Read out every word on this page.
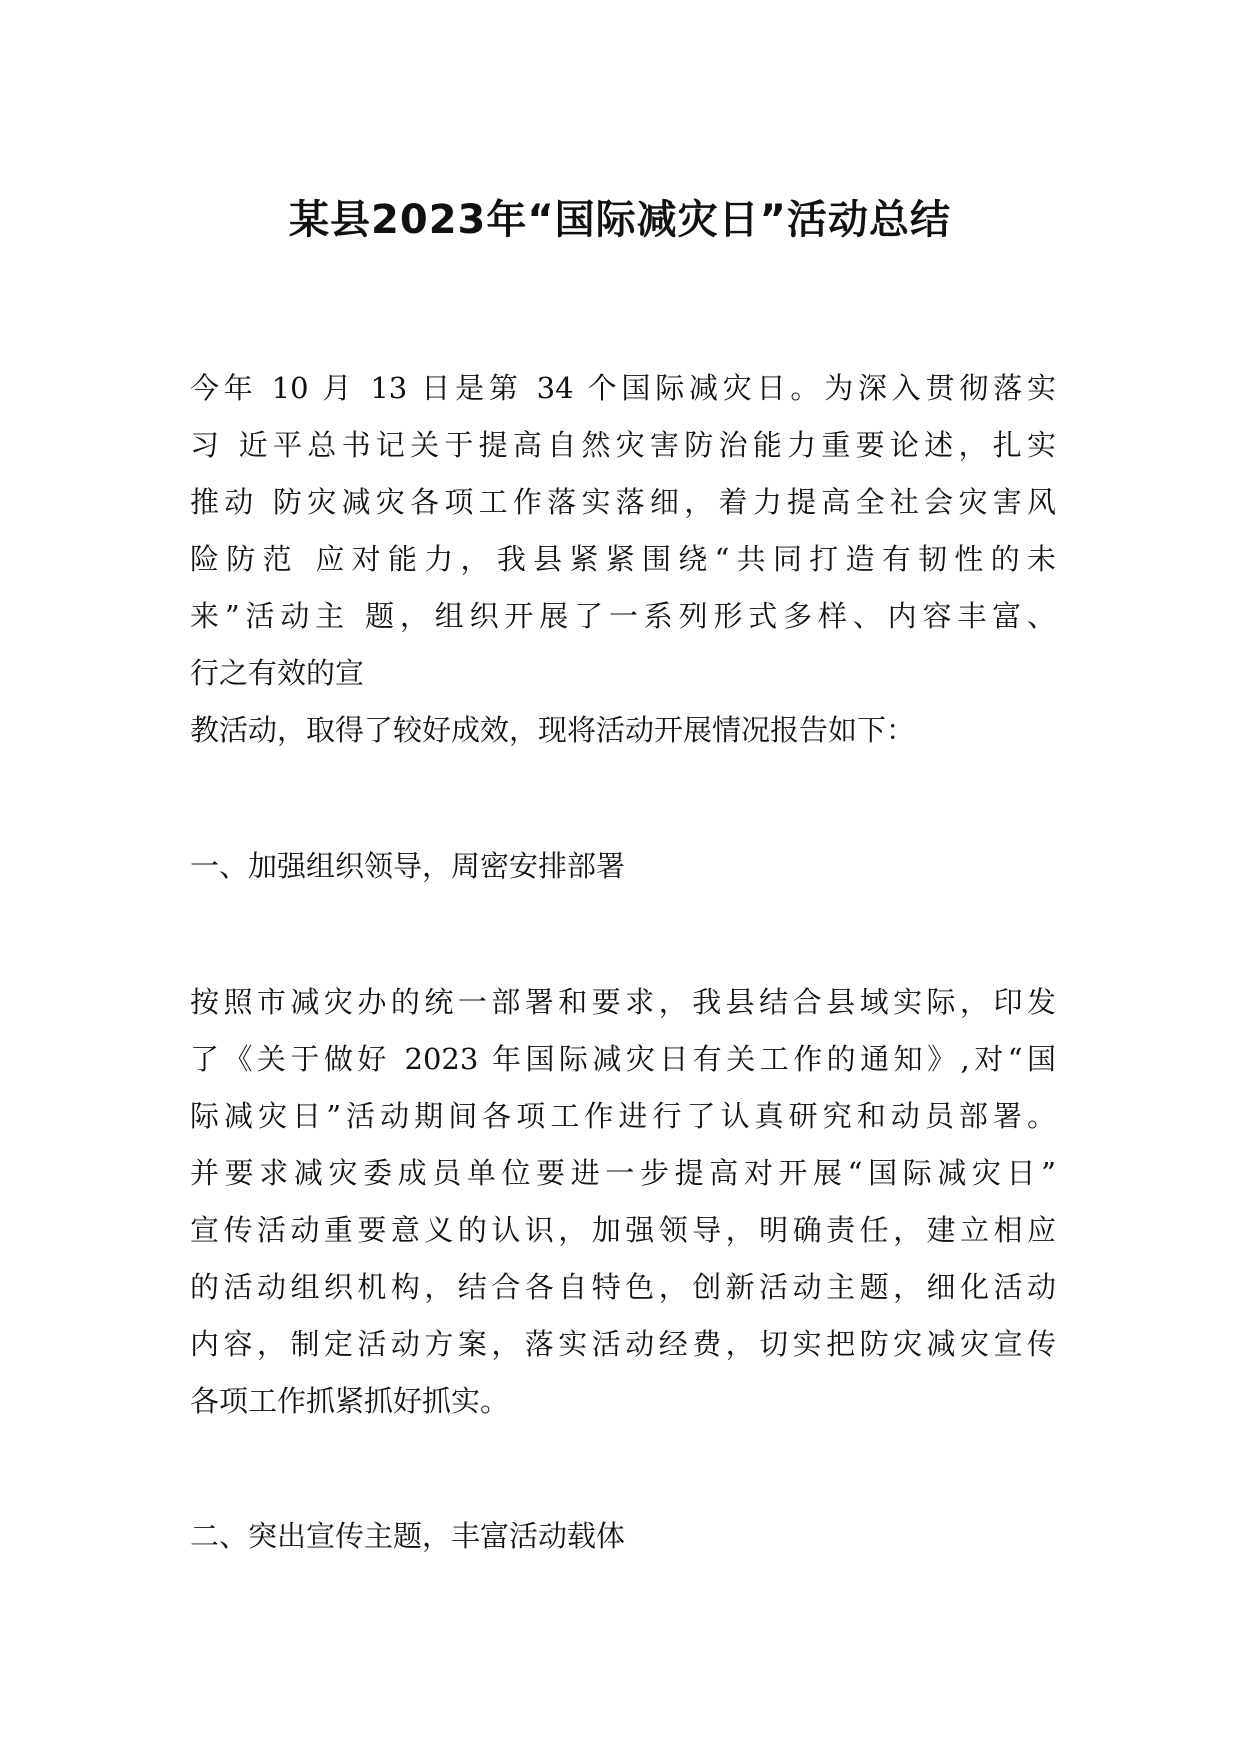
某县2023年“国际减灾日”活动总结
今年 10 月 13 日是第 34 个国际减灾日。为深入贯彻落实
习 近平总书记关于提高自然灾害防治能力重要论述，扎实
推动 防灾减灾各项工作落实落细，着力提高全社会灾害风
险防范 应对能力，我县紧紧围绕“共同打造有韧性的未
来”活动主 题，组织开展了一系列形式多样、内容丰富、
行之有效的宣
教活动，取得了较好成效，现将活动开展情况报告如下：
一、加强组织领导，周密安排部署
按照市减灾办的统一部署和要求，我县结合县域实际，印发
了《关于做好 2023 年国际减灾日有关工作的通知》,对“国
际减灾日”活动期间各项工作进行了认真研究和动员部署。
并要求减灾委成员单位要进一步提高对开展“国际减灾日”
宣传活动重要意义的认识，加强领导，明确责任，建立相应
的活动组织机构，结合各自特色，创新活动主题，细化活动
内容，制定活动方案，落实活动经费，切实把防灾减灾宣传
各项工作抓紧抓好抓实。
二、突出宣传主题，丰富活动载体
